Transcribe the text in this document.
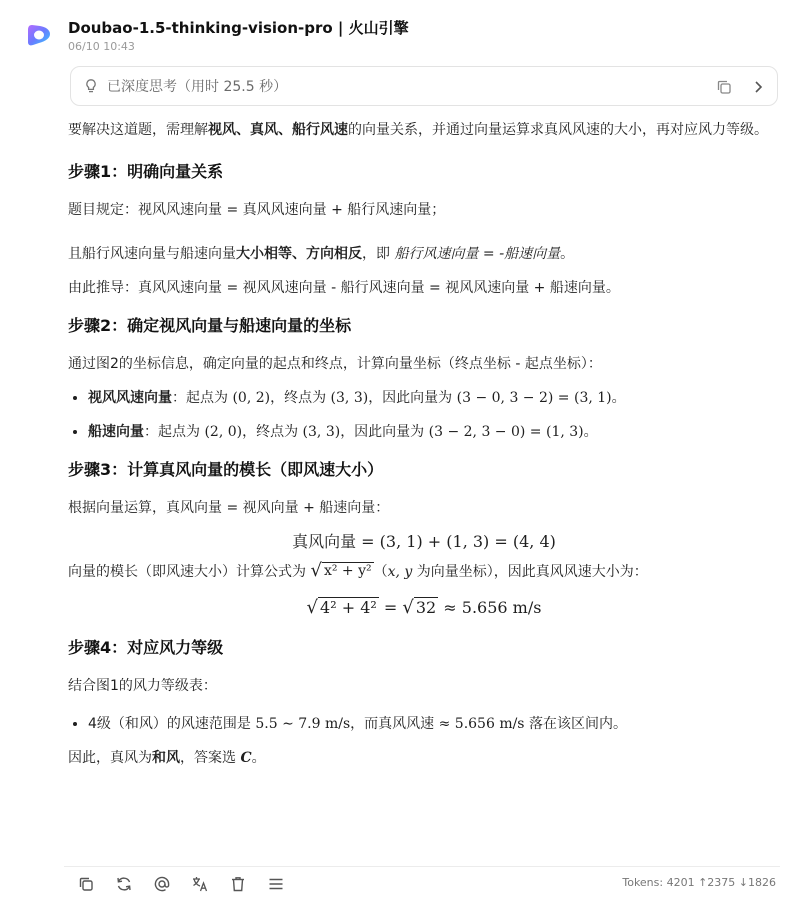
Doubao-1.5-thinking-vision-pro | 火山引擎
06/10 10:43
已深度思考（用时 25.5 秒）

要解决这道题，需理解视风、真风、船行风速的向量关系，并通过向量运算求真风风速的大小，再对应风力等级。

步骤1：明确向量关系

题目规定：视风风速向量 = 真风风速向量 + 船行风速向量；

且船行风速向量与船速向量大小相等、方向相反，即 船行风速向量 = -船速向量。

由此推导：真风风速向量 = 视风风速向量 - 船行风速向量 = 视风风速向量 + 船速向量。

步骤2：确定视风向量与船速向量的坐标

通过图2的坐标信息，确定向量的起点和终点，计算向量坐标（终点坐标 - 起点坐标）：

• 视风风速向量：起点为 (0, 2)，终点为 (3, 3)，因此向量为 (3 − 0, 3 − 2) = (3, 1)。
• 船速向量：起点为 (2, 0)，终点为 (3, 3)，因此向量为 (3 − 2, 3 − 0) = (1, 3)。
步骤3：计算真风向量的模长（即风速大小）

根据向量运算，真风向量 = 视风向量 + 船速向量：

真风向量 = (3, 1) + (1, 3) = (4, 4)

向量的模长（即风速大小）计算公式为 √ x² + y² （x, y 为向量坐标），因此真风风速大小为：

√ 4² + 4² = √ 32 ≈ 5.656 m/s
步骤4：对应风力等级

结合图1的风力等级表：

• 4级（和风）的风速范围是 5.5 ∼ 7.9 m/s，而真风风速 ≈ 5.656 m/s 落在该区间内。

因此，真风为和风，答案选 C。

Tokens: 4201 ↑2375 ↓1826
